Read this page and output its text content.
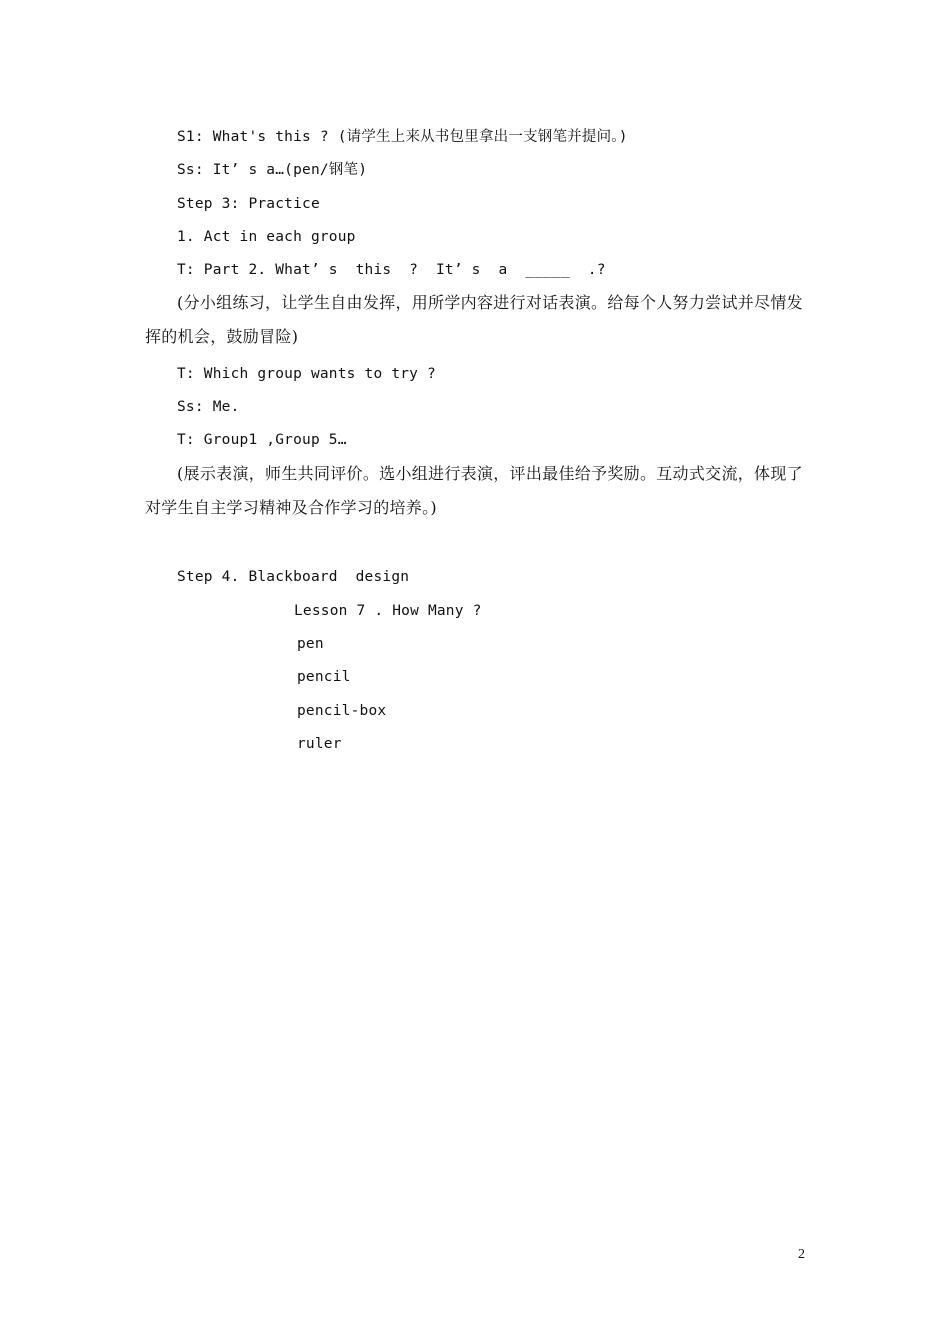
S1: What's this ? (请学生上来从书包里拿出一支钢笔并提问。)
Ss: It’ s a…(pen/钢笔)
Step 3: Practice
1. Act in each group
T: Part 2. What’ s  this  ?  It’ s  a  _____  .?
(分小组练习，让学生自由发挥，用所学内容进行对话表演。给每个人努力尝试并尽情发挥的机会，鼓励冒险)
T: Which group wants to try ?
Ss: Me.
T: Group1 ,Group 5…
(展示表演，师生共同评价。选小组进行表演，评出最佳给予奖励。互动式交流，体现了对学生自主学习精神及合作学习的培养。)
Step 4. Blackboard  design
Lesson 7 . How Many ?
pen
pencil
pencil-box
ruler
2
